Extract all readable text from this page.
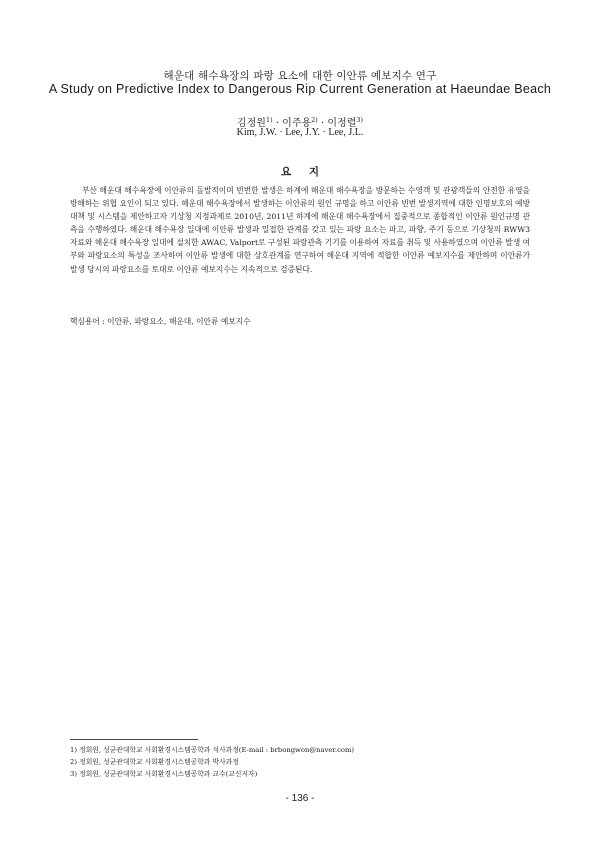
해운대 해수욕장의 파랑 요소에 대한 이안류 예보지수 연구
A Study on Predictive Index to Dangerous Rip Current Generation at Haeundae Beach
김정원$^{1)}$ · 이주용$^{2)}$ · 이정렬$^{3)}$
Kim, J.W. · Lee, J.Y. · Lee, J.L.
요 지

부산 해운대 해수욕장에 이안류의 돌발적이며 빈번한 발생은 하계에 해운대 해수욕장을 방문하는 수영객 및 관광객들의 안전한 유영을 방해하는 위협 요인이 되고 있다. 해운대 해수욕장에서 발생하는 이안류의 원인 규명을 하고 이안류 빈번 발생지역에 대한 인명보호의 예방대책 및 시스템을 제안하고자 기상청 지정과제로 2010년, 2011년 하계에 해운대 해수욕장에서 집중적으로 종합적인 이안류 원인규명 관측을 수행하였다. 해운대 해수욕장 일대에 이안류 발생과 밀접한 관계를 갖고 있는 파랑 요소는 파고, 파향, 주기 등으로 기상청의 RWW3 자료와 해운대 해수욕장 일대에 설치한 AWAC, Valport로 구성된 파랑관측 기기를 이용하여 자료를 취득 및 사용하였으며 이안류 발생 여부와 파랑요소의 특성을 조사하여 이안류 발생에 대한 상호관계를 연구하여 해운대 지역에 적합한 이안류 예보지수를 제안하며 이안류가 발생 당시의 파랑요소를 토대로 이안류 예보지수는 지속적으로 검증된다.

핵심용어 : 이안류, 파랑요소, 해운대, 이안류 예보지수
1) 정회원, 성균관대학교 사회환경시스템공학과 석사과정(E-mail : brbongwon@naver.com)
2) 정회원, 성균관대학교 사회환경시스템공학과 박사과정
3) 정회원, 성균관대학교 사회환경시스템공학과 교수(교신저자)
- 136 -
